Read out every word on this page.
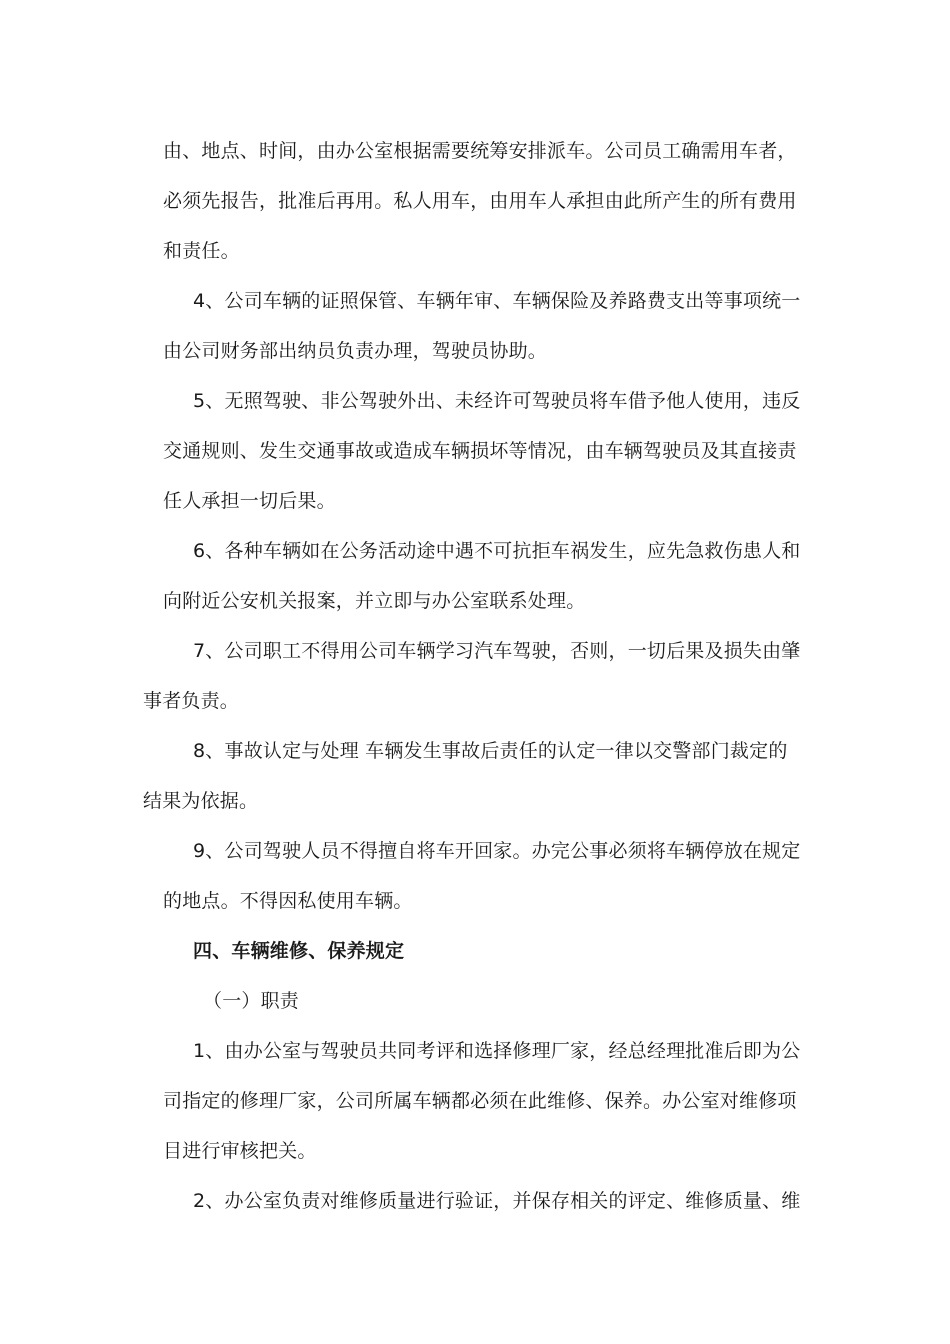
由、地点、时间，由办公室根据需要统筹安排派车。公司员工确需用车者，
必须先报告，批准后再用。私人用车，由用车人承担由此所产生的所有费用
和责任。
4、公司车辆的证照保管、车辆年审、车辆保险及养路费支出等事项统一
由公司财务部出纳员负责办理，驾驶员协助。
5、无照驾驶、非公驾驶外出、未经许可驾驶员将车借予他人使用，违反
交通规则、发生交通事故或造成车辆损坏等情况，由车辆驾驶员及其直接责
任人承担一切后果。
6、各种车辆如在公务活动途中遇不可抗拒车祸发生，应先急救伤患人和
向附近公安机关报案，并立即与办公室联系处理。
7、公司职工不得用公司车辆学习汽车驾驶，否则，一切后果及损失由肇
事者负责。
8、事故认定与处理 车辆发生事故后责任的认定一律以交警部门裁定的
结果为依据。
9、公司驾驶人员不得擅自将车开回家。办完公事必须将车辆停放在规定
的地点。不得因私使用车辆。
四、车辆维修、保养规定
（一）职责
1、由办公室与驾驶员共同考评和选择修理厂家，经总经理批准后即为公
司指定的修理厂家，公司所属车辆都必须在此维修、保养。办公室对维修项
目进行审核把关。
2、办公室负责对维修质量进行验证，并保存相关的评定、维修质量、维
